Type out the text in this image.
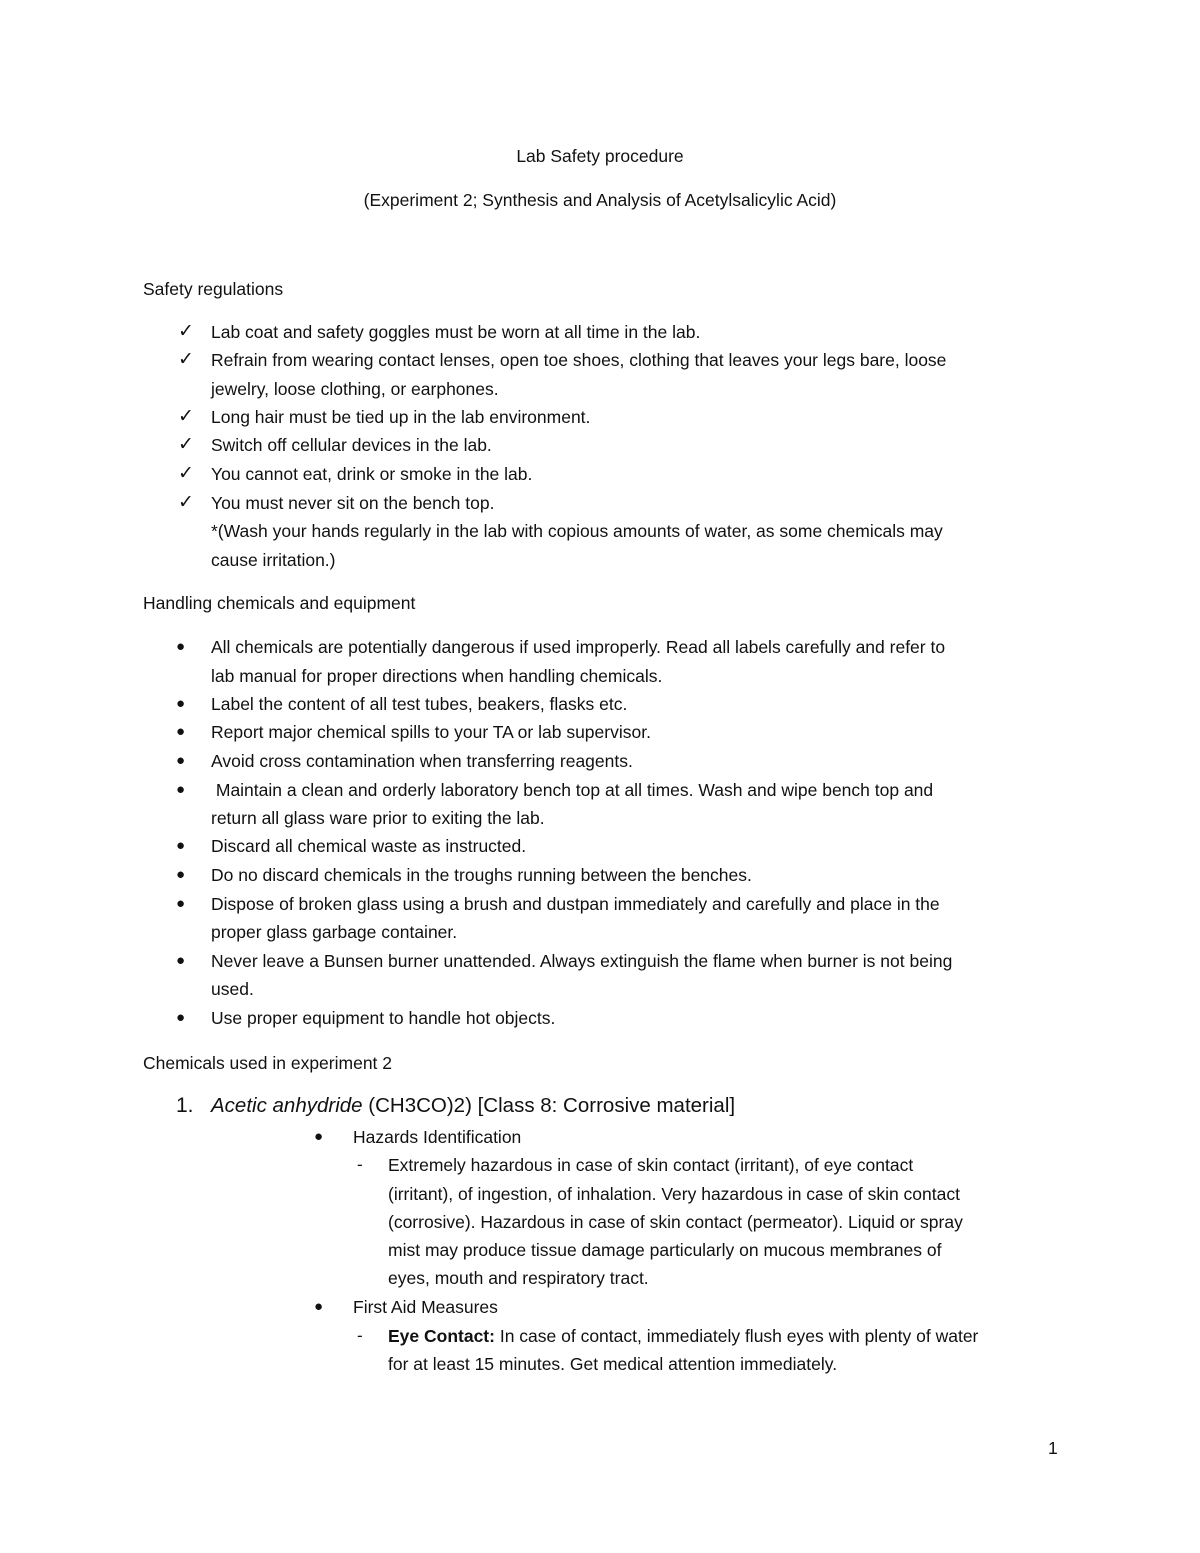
Lab Safety procedure
(Experiment 2; Synthesis and Analysis of Acetylsalicylic Acid)
Safety regulations
✓ Lab coat and safety goggles must be worn at all time in the lab.
✓ Refrain from wearing contact lenses, open toe shoes, clothing that leaves your legs bare, loose
jewelry, loose clothing, or earphones.
✓ Long hair must be tied up in the lab environment.
✓ Switch off cellular devices in the lab.
✓ You cannot eat, drink or smoke in the lab.
✓ You must never sit on the bench top.
*(Wash your hands regularly in the lab with copious amounts of water, as some chemicals may
cause irritation.)
Handling chemicals and equipment
● All chemicals are potentially dangerous if used improperly. Read all labels carefully and refer to
lab manual for proper directions when handling chemicals.
● Label the content of all test tubes, beakers, flasks etc.
● Report major chemical spills to your TA or lab supervisor.
● Avoid cross contamination when transferring reagents.
● Maintain a clean and orderly laboratory bench top at all times. Wash and wipe bench top and
return all glass ware prior to exiting the lab.
● Discard all chemical waste as instructed.
● Do no discard chemicals in the troughs running between the benches.
● Dispose of broken glass using a brush and dustpan immediately and carefully and place in the
proper glass garbage container.
● Never leave a Bunsen burner unattended. Always extinguish the flame when burner is not being
used.
● Use proper equipment to handle hot objects.
Chemicals used in experiment 2
1. Acetic anhydride (CH3CO)2) [Class 8: Corrosive material]
● Hazards Identification
- Extremely hazardous in case of skin contact (irritant), of eye contact
(irritant), of ingestion, of inhalation. Very hazardous in case of skin contact
(corrosive). Hazardous in case of skin contact (permeator). Liquid or spray
mist may produce tissue damage particularly on mucous membranes of
eyes, mouth and respiratory tract.
● First Aid Measures
- Eye Contact: In case of contact, immediately flush eyes with plenty of water
for at least 15 minutes. Get medical attention immediately.
1
